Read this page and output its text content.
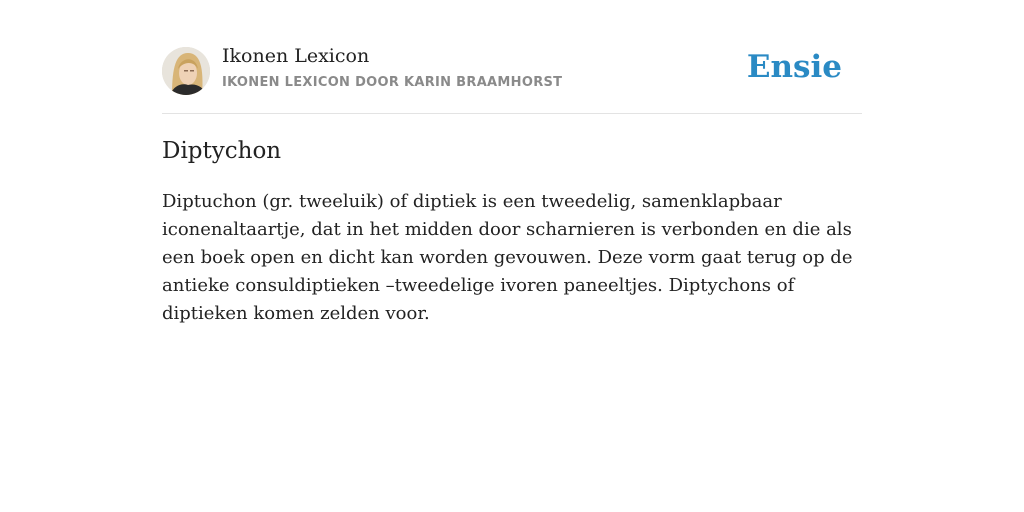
Ikonen Lexicon
IKONEN LEXICON DOOR KARIN BRAAMHORST	Ensie
Diptychon

Diptuchon (gr. tweeluik) of diptiek is een tweedelig, samenklapbaar iconenaltaartje, dat in het midden door scharnieren is verbonden en die als een boek open en dicht kan worden gevouwen. Deze vorm gaat terug op de antieke consuldiptieken –tweedelige ivoren paneeltjes. Diptychons of diptieken komen zelden voor.
